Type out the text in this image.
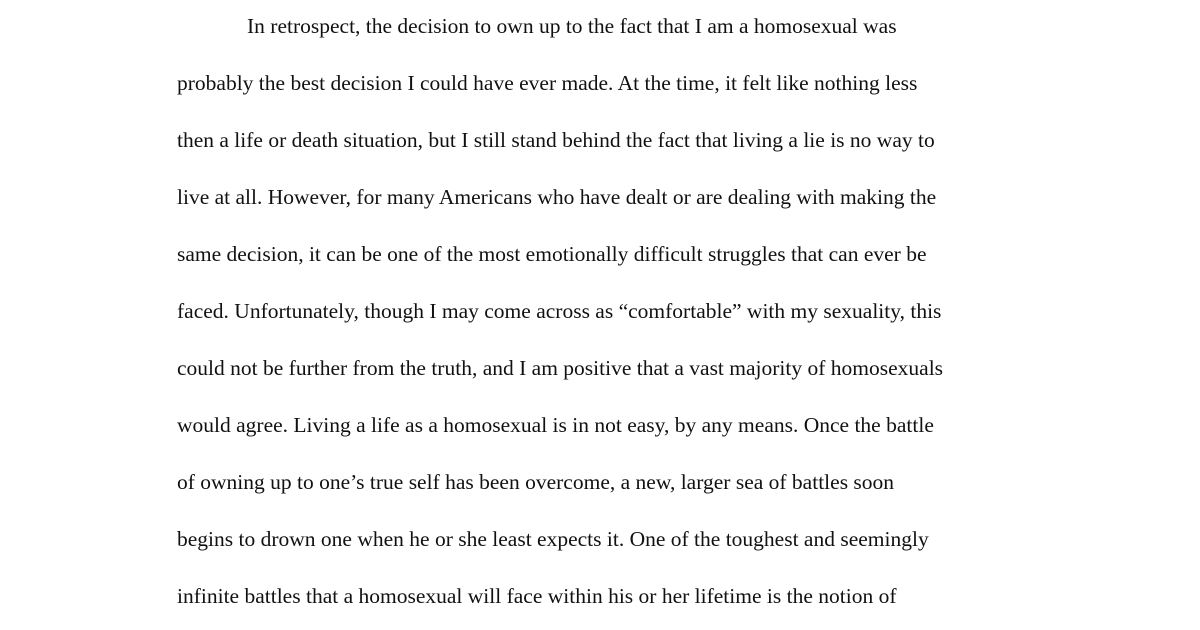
In retrospect, the decision to own up to the fact that I am a homosexual was

probably the best decision I could have ever made. At the time, it felt like nothing less

then a life or death situation, but I still stand behind the fact that living a lie is no way to

live at all. However, for many Americans who have dealt or are dealing with making the

same decision, it can be one of the most emotionally difficult struggles that can ever be

faced. Unfortunately, though I may come across as “comfortable” with my sexuality, this

could not be further from the truth, and I am positive that a vast majority of homosexuals

would agree. Living a life as a homosexual is in not easy, by any means. Once the battle

of owning up to one’s true self has been overcome, a new, larger sea of battles soon

begins to drown one when he or she least expects it. One of the toughest and seemingly

infinite battles that a homosexual will face within his or her lifetime is the notion of
